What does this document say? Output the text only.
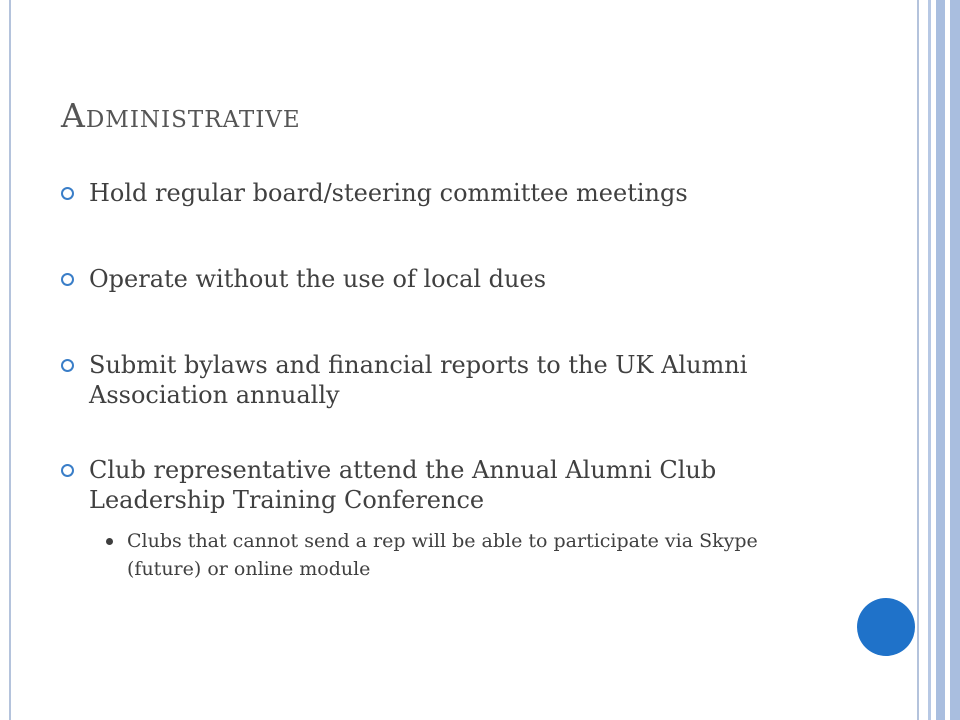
Administrative
Hold regular board/steering committee meetings
Operate without the use of local dues
Submit bylaws and financial reports to the UK Alumni Association annually
Club representative attend the Annual Alumni Club Leadership Training Conference
Clubs that cannot send a rep will be able to participate via Skype (future) or online module
